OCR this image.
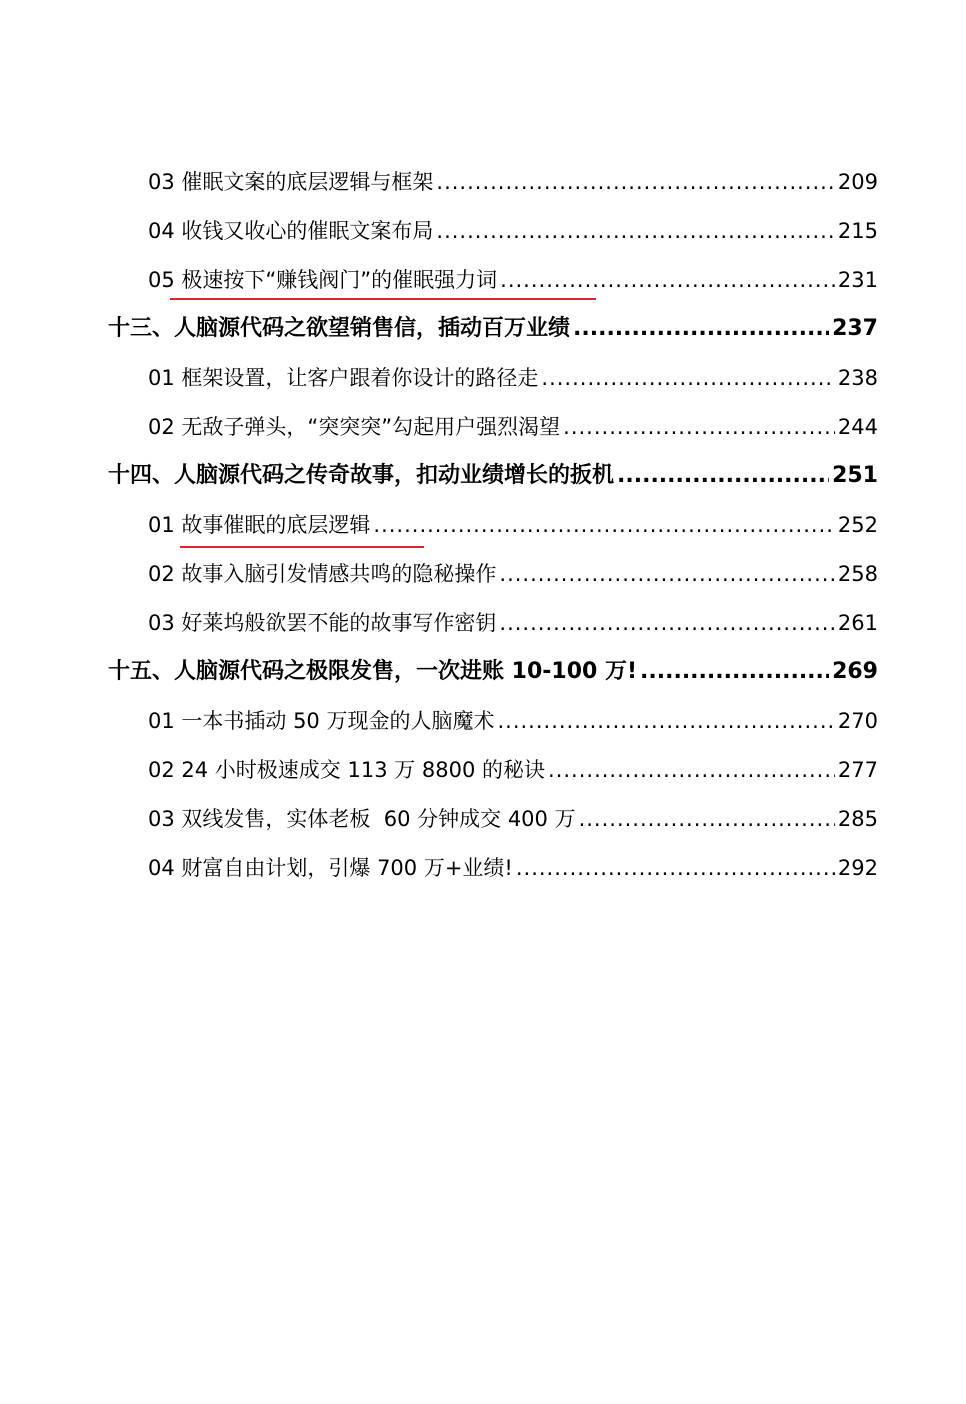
03 催眠文案的底层逻辑与框架 .....	209
04 收钱又收心的催眠文案布局 .....	215
05 极速按下“赚钱阀门”的催眠强力词 .....	231
十三、人脑源代码之欲望销售信，插动百万业绩 .....	237
01 框架设置，让客户跟着你设计的路径走 .....	238
02 无敌子弹头，“突突突”勾起用户强烈渴望 .....	244
十四、人脑源代码之传奇故事，扣动业绩增长的扳机 .....	251
01 故事催眠的底层逻辑 .....	252
02 故事入脑引发情感共鸣的隐秘操作 .....	258
03 好莱坞般欲罢不能的故事写作密钥 .....	261
十五、人脑源代码之极限发售，一次进账 10-100 万! .....	269
01 一本书插动 50 万现金的人脑魔术 .....	270
02 24 小时极速成交 113 万 8800 的秘诀 .....	277
03 双线发售，实体老板  60 分钟成交 400 万 .....	285
04 财富自由计划，引爆 700 万+业绩! .....	292
